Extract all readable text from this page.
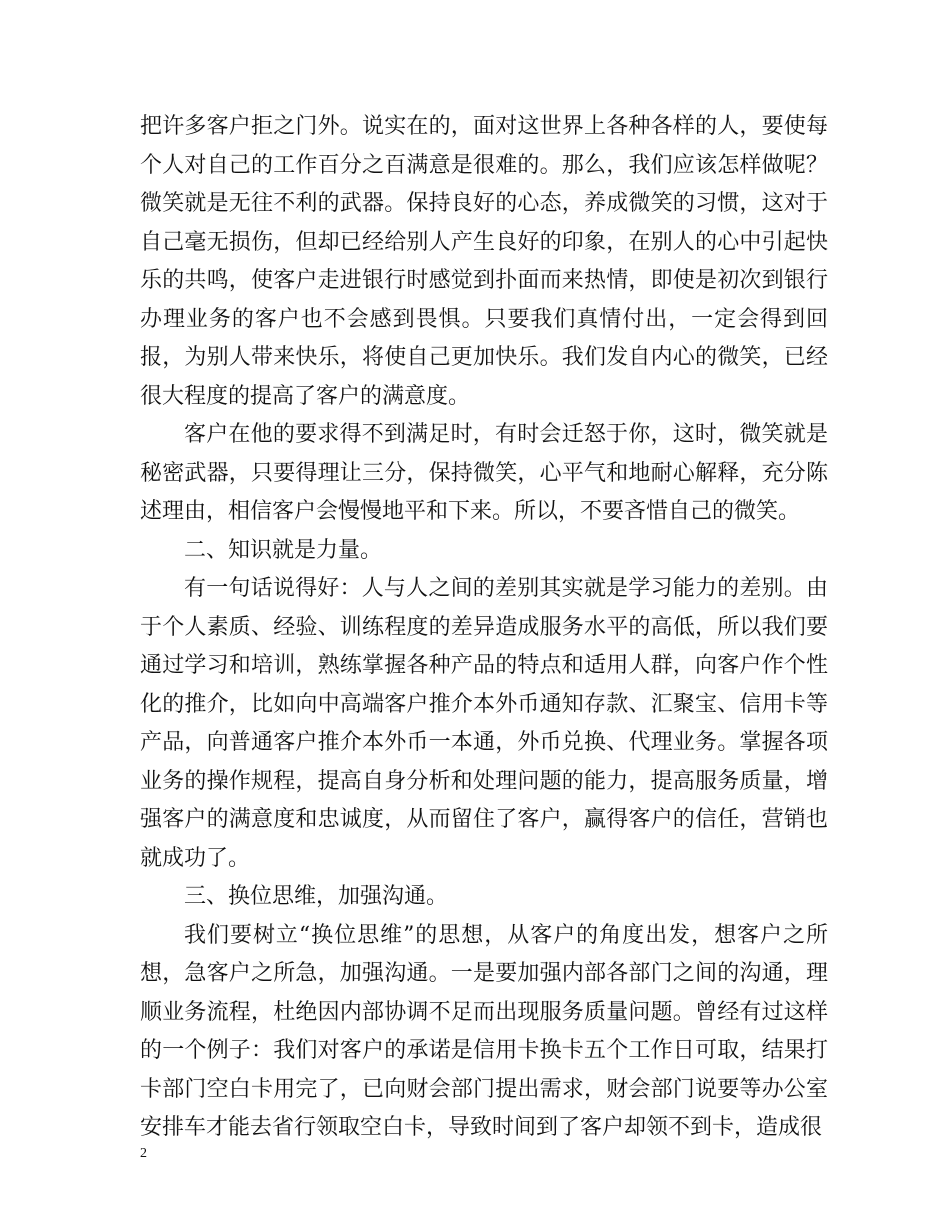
把许多客户拒之门外。说实在的，面对这世界上各种各样的人，要使每个人对自己的工作百分之百满意是很难的。那么，我们应该怎样做呢？微笑就是无往不利的武器。保持良好的心态，养成微笑的习惯，这对于自己毫无损伤，但却已经给别人产生良好的印象，在别人的心中引起快乐的共鸣，使客户走进银行时感觉到扑面而来热情，即使是初次到银行办理业务的客户也不会感到畏惧。只要我们真情付出，一定会得到回报，为别人带来快乐，将使自己更加快乐。我们发自内心的微笑，已经很大程度的提高了客户的满意度。

客户在他的要求得不到满足时，有时会迁怒于你，这时，微笑就是秘密武器，只要得理让三分，保持微笑，心平气和地耐心解释，充分陈述理由，相信客户会慢慢地平和下来。所以，不要吝惜自己的微笑。

二、知识就是力量。

有一句话说得好：人与人之间的差别其实就是学习能力的差别。由于个人素质、经验、训练程度的差异造成服务水平的高低，所以我们要通过学习和培训，熟练掌握各种产品的特点和适用人群，向客户作个性化的推介，比如向中高端客户推介本外币通知存款、汇聚宝、信用卡等产品，向普通客户推介本外币一本通，外币兑换、代理业务。掌握各项业务的操作规程，提高自身分析和处理问题的能力，提高服务质量，增强客户的满意度和忠诚度，从而留住了客户，赢得客户的信任，营销也就成功了。

三、换位思维，加强沟通。

我们要树立“换位思维”的思想，从客户的角度出发，想客户之所想，急客户之所急，加强沟通。一是要加强内部各部门之间的沟通，理顺业务流程，杜绝因内部协调不足而出现服务质量问题。曾经有过这样的一个例子：我们对客户的承诺是信用卡换卡五个工作日可取，结果打卡部门空白卡用完了，已向财会部门提出需求，财会部门说要等办公室安排车才能去省行领取空白卡，导致时间到了客户却领不到卡，造成很

2
